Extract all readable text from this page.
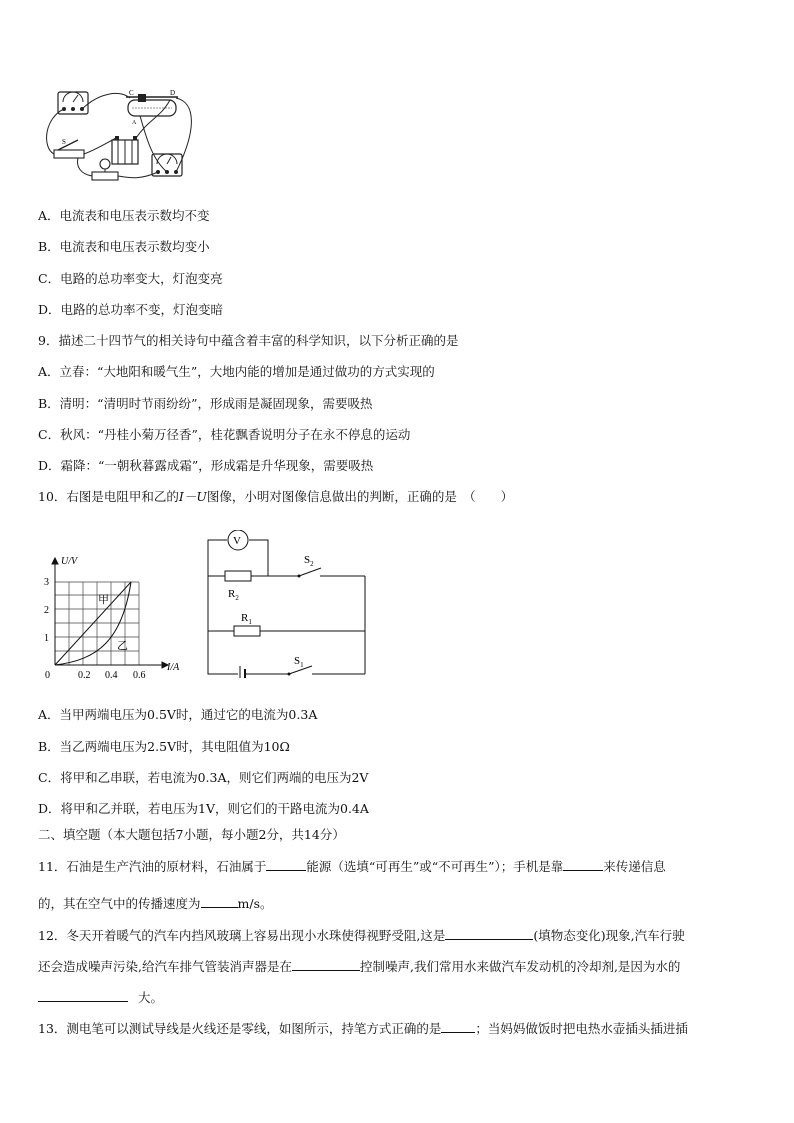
C	D
A
S
A．电流表和电压表示数均不变
B．电流表和电压表示数均变小
C．电路的总功率变大，灯泡变亮
D．电路的总功率不变，灯泡变暗
9．描述二十四节气的相关诗句中蕴含着丰富的科学知识，以下分析正确的是
A．立春：“大地阳和暖气生”，大地内能的增加是通过做功的方式实现的
B．清明：“清明时节雨纷纷”，形成雨是凝固现象，需要吸热
C．秋风：“丹桂小菊万径香”，桂花飘香说明分子在永不停息的运动
D．霜降：“一朝秋暮露成霜”，形成霜是升华现象，需要吸热
10．右图是电阻甲和乙的I－U图像，小明对图像信息做出的判断，正确的是　（　　）
U/V
I/A
1
2
3
0	0.2 0.4 0.6
甲
乙
V
$R_2$
$R_1$
$S_2$
$S_1$
A．当甲两端电压为0.5V时，通过它的电流为0.3A
B．当乙两端电压为2.5V时，其电阻值为10Ω
C．将甲和乙串联，若电流为0.3A，则它们两端的电压为2V
D．将甲和乙并联，若电压为1V，则它们的干路电流为0.4A
二、填空题（本大题包括7小题，每小题2分，共14分）
11．石油是生产汽油的原材料，石油属于	能源（选填“可再生”或“不可再生”）；手机是靠	来传递信息
的，其在空气中的传播速度为	m/s。
12．冬天开着暖气的汽车内挡风玻璃上容易出现小水珠使得视野受阻,这是	(填物态变化)现象,汽车行驶
还会造成噪声污染,给汽车排气管装消声器是在	控制噪声,我们常用水来做汽车发动机的冷却剂,是因为水的
大。
13．测电笔可以测试导线是火线还是零线，如图所示，持笔方式正确的是	；当妈妈做饭时把电热水壶插头插进插
